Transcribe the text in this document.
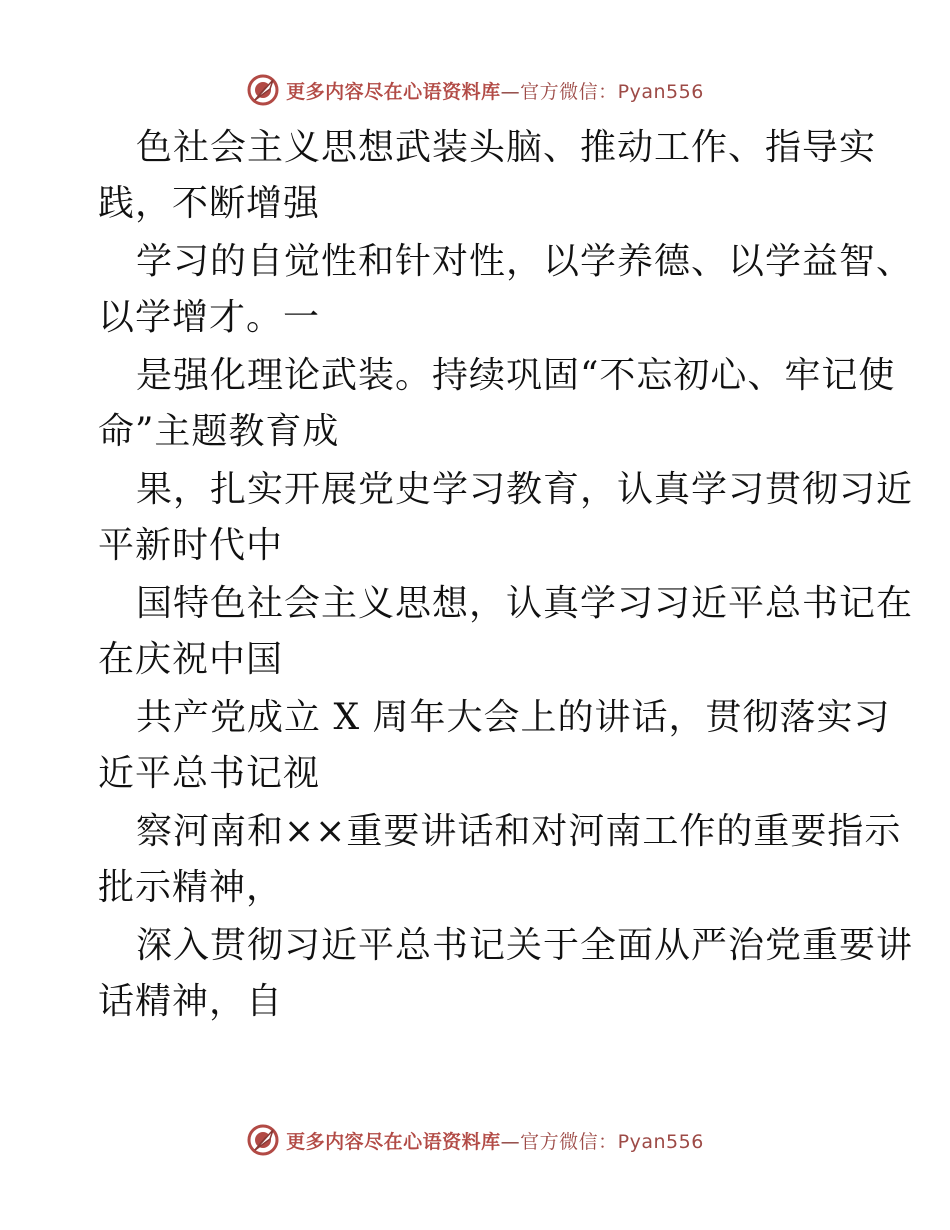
更多内容尽在心语资料库—官方微信：Pyan556

色社会主义思想武装头脑、推动工作、指导实
践，不断增强

学习的自觉性和针对性，以学养德、以学益智、
以学增才。一

是强化理论武装。持续巩固“不忘初心、牢记使
命”主题教育成

果，扎实开展党史学习教育，认真学习贯彻习近
平新时代中

国特色社会主义思想，认真学习习近平总书记在
在庆祝中国

共产党成立 X 周年大会上的讲话，贯彻落实习
近平总书记视

察河南和××重要讲话和对河南工作的重要指示
批示精神，

深入贯彻习近平总书记关于全面从严治党重要讲
话精神，自

更多内容尽在心语资料库—官方微信：Pyan556
